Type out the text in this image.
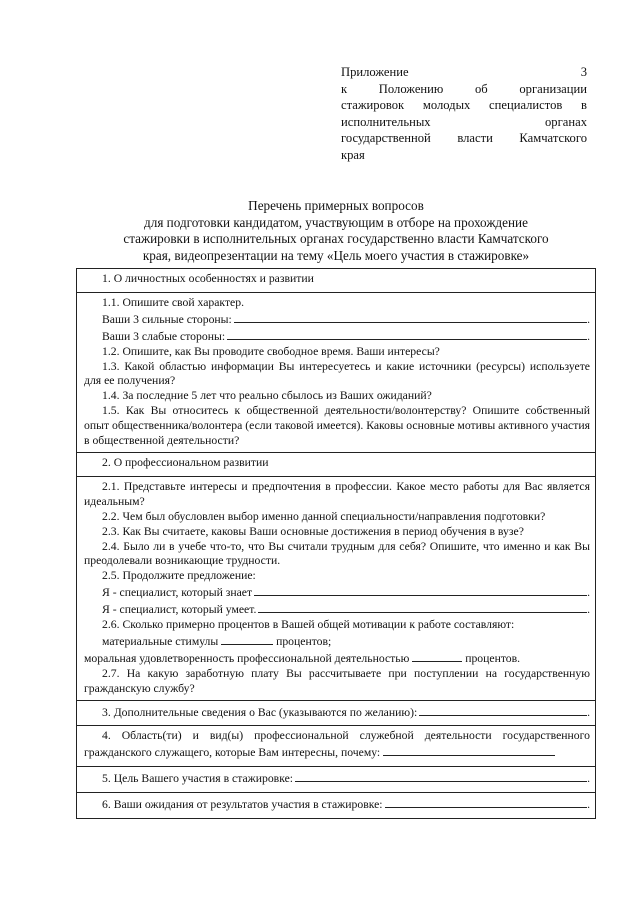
Приложение 3
к Положению об организации
стажировок молодых специалистов в
исполнительных органах
государственной власти Камчатского
края
Перечень примерных вопросов
для подготовки кандидатом, участвующим в отборе на прохождение
стажировки в исполнительных органах государственно власти Камчатского
края, видеопрезентации на тему «Цель моего участия в стажировке»
1. О личностных особенностях и развитии

1.1. Опишите свой характер.
Ваши 3 сильные стороны:	.
Ваши 3 слабые стороны:	.
1.2. Опишите, как Вы проводите свободное время. Ваши интересы?
1.3. Какой областью информации Вы интересуетесь и какие источники (ресурсы) используете для ее получения?
1.4. За последние 5 лет что реально сбылось из Ваших ожиданий?
1.5. Как Вы относитесь к общественной деятельности/волонтерству? Опишите собственный опыт общественника/волонтера (если таковой имеется). Каковы основные мотивы активного участия в общественной деятельности?

2. О профессиональном развитии

2.1. Представьте интересы и предпочтения в профессии. Какое место работы для Вас является идеальным?
2.2. Чем был обусловлен выбор именно данной специальности/направления подготовки?
2.3. Как Вы считаете, каковы Ваши основные достижения в период обучения в вузе?
2.4. Было ли в учебе что-то, что Вы считали трудным для себя? Опишите, что именно и как Вы преодолевали возникающие трудности.
2.5. Продолжите предложение:
Я - специалист, который знает	.
Я - специалист, который умеет.	.
2.6. Сколько примерно процентов в Вашей общей мотивации к работе составляют:
материальные стимулы	процентов;
моральная удовлетворенность профессиональной деятельностью	процентов.
2.7. На какую заработную плату Вы рассчитываете при поступлении на государственную гражданскую службу?

3. Дополнительные сведения о Вас (указываются по желанию):	.

4. Область(ти) и вид(ы) профессиональной служебной деятельности государственного гражданского служащего, которые Вам интересны, почему:

5. Цель Вашего участия в стажировке:	.

6. Ваши ожидания от результатов участия в стажировке:	.
